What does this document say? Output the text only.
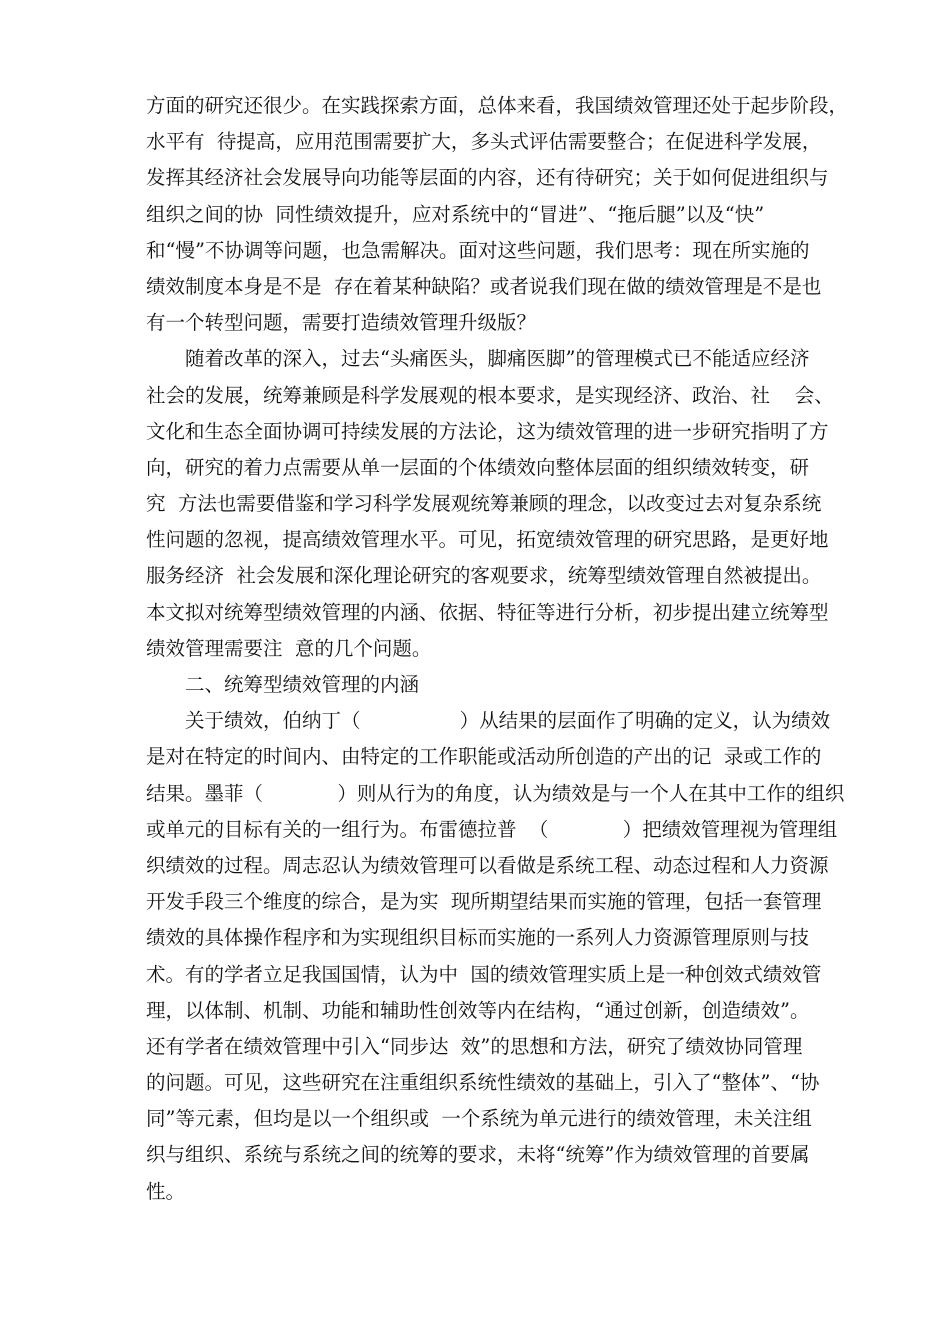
方面的研究还很少。在实践探索方面，总体来看，我国绩效管理还处于起步阶段，
水平有  待提高，应用范围需要扩大，多头式评估需要整合；在促进科学发展，
发挥其经济社会发展导向功能等层面的内容，还有待研究；关于如何促进组织与
组织之间的协  同性绩效提升，应对系统中的“冒进”、“拖后腿”以及“快”
和“慢”不协调等问题，也急需解决。面对这些问题，我们思考：现在所实施的
绩效制度本身是不是  存在着某种缺陷？或者说我们现在做的绩效管理是不是也
有一个转型问题，需要打造绩效管理升级版？
随着改革的深入，过去“头痛医头，脚痛医脚”的管理模式已不能适应经济
社会的发展，统筹兼顾是科学发展观的根本要求，是实现经济、政治、社    会、
文化和生态全面协调可持续发展的方法论，这为绩效管理的进一步研究指明了方
向，研究的着力点需要从单一层面的个体绩效向整体层面的组织绩效转变，研
究  方法也需要借鉴和学习科学发展观统筹兼顾的理念，以改变过去对复杂系统
性问题的忽视，提高绩效管理水平。可见，拓宽绩效管理的研究思路，是更好地
服务经济  社会发展和深化理论研究的客观要求，统筹型绩效管理自然被提出。
本文拟对统筹型绩效管理的内涵、依据、特征等进行分析，初步提出建立统筹型
绩效管理需要注  意的几个问题。
二、统筹型绩效管理的内涵
关于绩效，伯纳丁（                ）从结果的层面作了明确的定义，认为绩效
是对在特定的时间内、由特定的工作职能或活动所创造的产出的记  录或工作的
结果。墨菲（            ）则从行为的角度，认为绩效是与一个人在其中工作的组织
或单元的目标有关的一组行为。布雷德拉普  （            ）把绩效管理视为管理组
织绩效的过程。周志忍认为绩效管理可以看做是系统工程、动态过程和人力资源
开发手段三个维度的综合，是为实  现所期望结果而实施的管理，包括一套管理
绩效的具体操作程序和为实现组织目标而实施的一系列人力资源管理原则与技
术。有的学者立足我国国情，认为中  国的绩效管理实质上是一种创效式绩效管
理，以体制、机制、功能和辅助性创效等内在结构，“通过创新，创造绩效”。
还有学者在绩效管理中引入“同步达  效”的思想和方法，研究了绩效协同管理
的问题。可见，这些研究在注重组织系统性绩效的基础上，引入了“整体”、“协
同”等元素，但均是以一个组织或  一个系统为单元进行的绩效管理，未关注组
织与组织、系统与系统之间的统筹的要求，未将“统筹”作为绩效管理的首要属
性。
